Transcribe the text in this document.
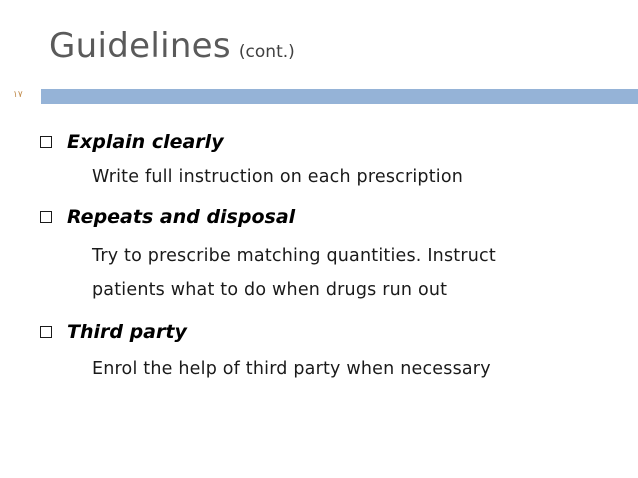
Guidelines (cont.)
١٧
Explain clearly
Write full instruction on each prescription
Repeats and disposal
Try to prescribe matching quantities. Instruct
patients what to do when drugs run out
Third party
Enrol the help of third party when necessary
